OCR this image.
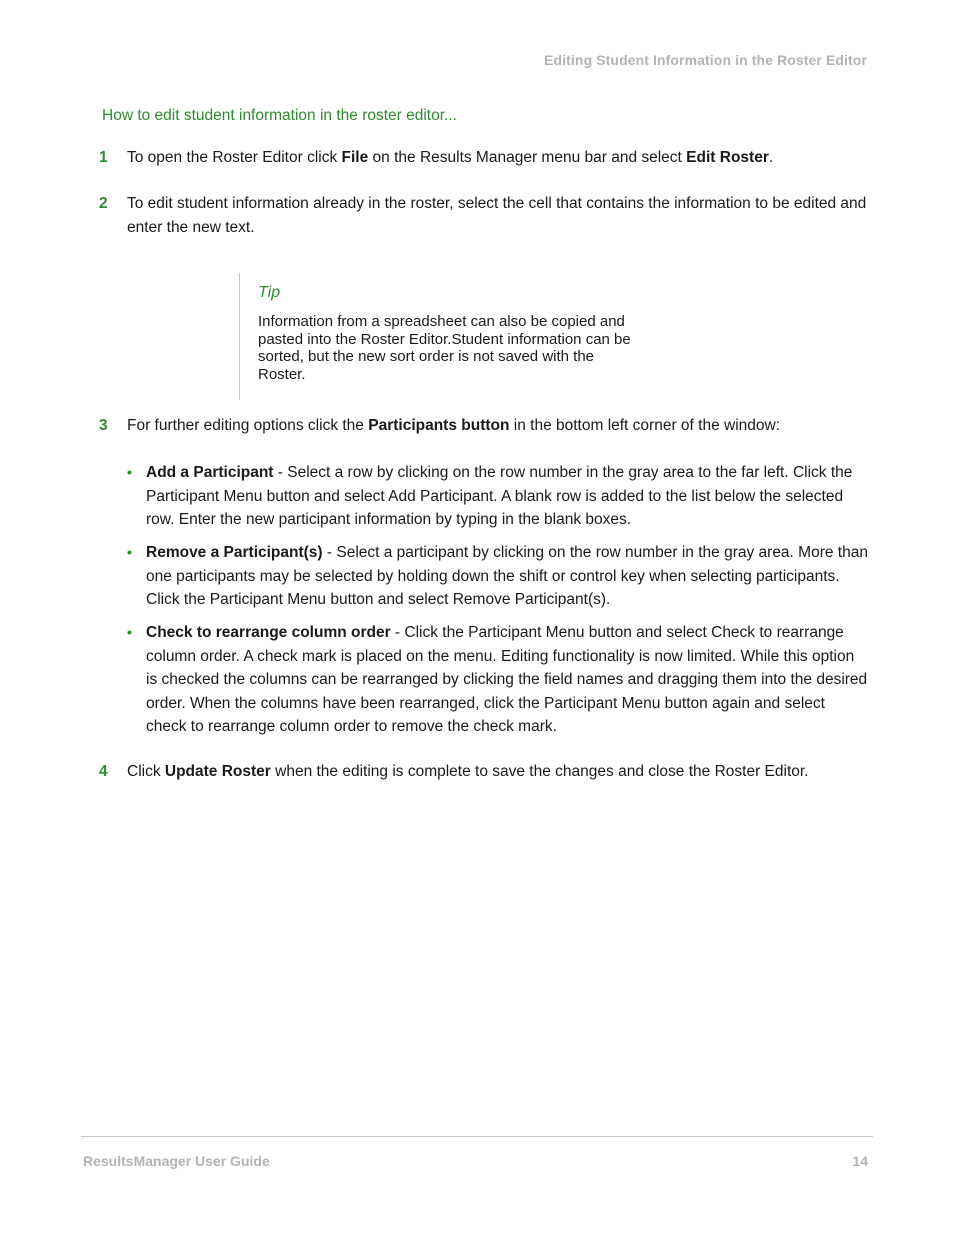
Editing Student Information in the Roster Editor
How to edit student information in the roster editor...
1	To open the Roster Editor click File on the Results Manager menu bar and select Edit Roster.
2	To edit student information already in the roster, select the cell that contains the information to be edited and enter the new text.
Tip
Information from a spreadsheet can also be copied and pasted into the Roster Editor.Student information can be sorted, but the new sort order is not saved with the Roster.
3	For further editing options click the Participants button in the bottom left corner of the window:
• Add a Participant - Select a row by clicking on the row number in the gray area to the far left. Click the Participant Menu button and select Add Participant. A blank row is added to the list below the selected row. Enter the new participant information by typing in the blank boxes.
• Remove a Participant(s) - Select a participant by clicking on the row number in the gray area. More than one participants may be selected by holding down the shift or control key when selecting participants. Click the Participant Menu button and select Remove Participant(s).
• Check to rearrange column order - Click the Participant Menu button and select Check to rearrange column order. A check mark is placed on the menu. Editing functionality is now limited. While this option is checked the columns can be rearranged by clicking the field names and dragging them into the desired order. When the columns have been rearranged, click the Participant Menu button again and select check to rearrange column order to remove the check mark.
4	Click Update Roster when the editing is complete to save the changes and close the Roster Editor.
ResultsManager User Guide	14
